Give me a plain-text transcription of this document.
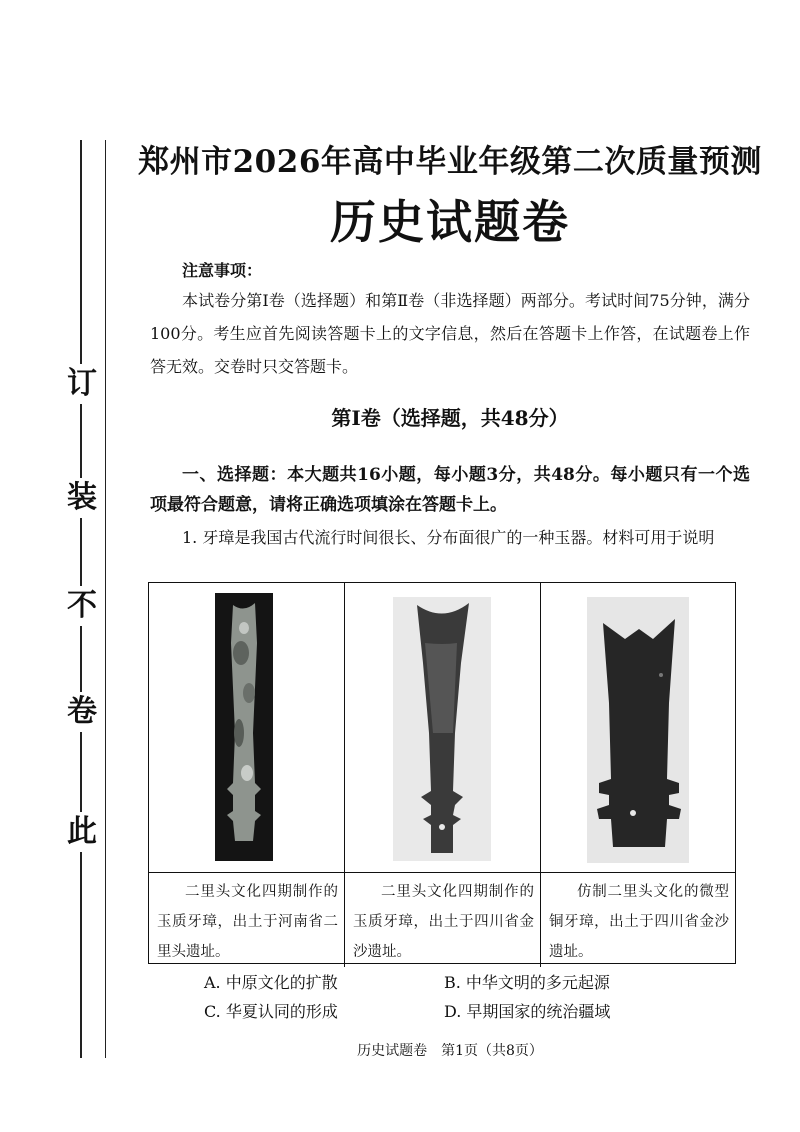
此
卷
不
装
订
郑州市2026年高中毕业年级第二次质量预测
历史试题卷
注意事项：
本试卷分第Ⅰ卷（选择题）和第Ⅱ卷（非选择题）两部分。考试时间75分钟，满分100分。考生应首先阅读答题卡上的文字信息，然后在答题卡上作答，在试题卷上作答无效。交卷时只交答题卡。
第Ⅰ卷（选择题，共48分）
一、选择题：本大题共16小题，每小题3分，共48分。每小题只有一个选项最符合题意，请将正确选项填涂在答题卡上。
1. 牙璋是我国古代流行时间很长、分布面很广的一种玉器。材料可用于说明
二里头文化四期制作的玉质牙璋，出土于河南省二里头遗址。
二里头文化四期制作的玉质牙璋，出土于四川省金沙遗址。
仿制二里头文化的微型铜牙璋，出土于四川省金沙遗址。
A. 中原文化的扩散	B. 中华文明的多元起源
C. 华夏认同的形成	D. 早期国家的统治疆域
历史试题卷　第1页（共8页）
